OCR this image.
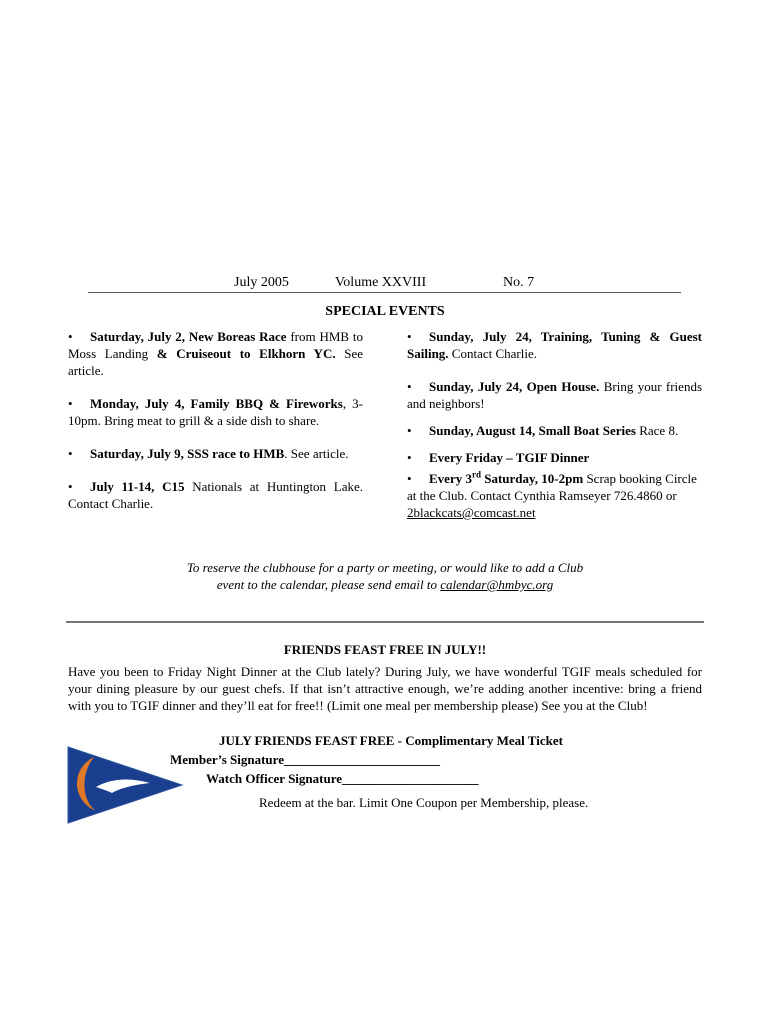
July 2005	Volume XXVIII	No. 7
SPECIAL EVENTS

• Saturday, July 2, New Boreas Race from HMB to Moss Landing & Cruiseout to Elkhorn YC. See article.

• Monday, July 4, Family BBQ & Fireworks, 3-10pm. Bring meat to grill & a side dish to share.

• Saturday, July 9, SSS race to HMB. See article.

• July 11-14, C15 Nationals at Huntington Lake. Contact Charlie.

• Sunday, July 24, Training, Tuning & Guest Sailing. Contact Charlie.

• Sunday, July 24, Open House. Bring your friends and neighbors!

• Sunday, August 14, Small Boat Series Race 8.

• Every Friday – TGIF Dinner

• Every 3rd Saturday, 10-2pm Scrap booking Circle at the Club. Contact Cynthia Ramseyer 726.4860 or 2blackcats@comcast.net

To reserve the clubhouse for a party or meeting, or would like to add a Club
event to the calendar, please send email to calendar@hmbyc.org
FRIENDS FEAST FREE IN JULY!!
Have you been to Friday Night Dinner at the Club lately? During July, we have wonderful TGIF meals scheduled for your dining pleasure by our guest chefs. If that isn’t attractive enough, we’re adding another incentive: bring a friend with you to TGIF dinner and they’ll eat for free!! (Limit one meal per membership please) See you at the Club!
JULY FRIENDS FEAST FREE - Complimentary Meal Ticket
Member’s Signature________________________
Watch Officer Signature_____________________
Redeem at the bar. Limit One Coupon per Membership, please.
